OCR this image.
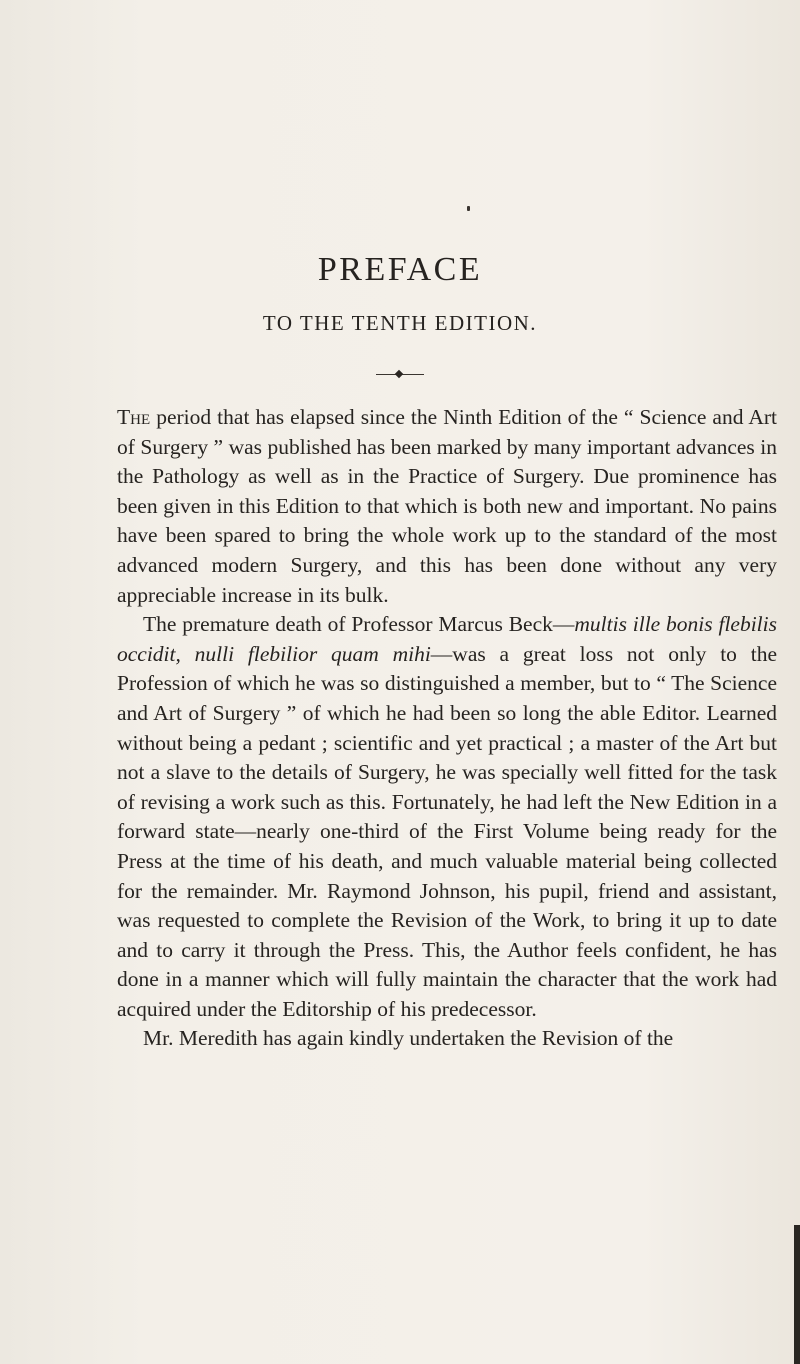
PREFACE
TO THE TENTH EDITION.

The period that has elapsed since the Ninth Edition of the “ Science and Art of Surgery ” was published has been marked by many important advances in the Pathology as well as in the Practice of Surgery. Due prominence has been given in this Edition to that which is both new and important. No pains have been spared to bring the whole work up to the standard of the most advanced modern Surgery, and this has been done without any very appreciable increase in its bulk.

The premature death of Professor Marcus Beck—multis ille bonis flebilis occidit, nulli flebilior quam mihi—was a great loss not only to the Profession of which he was so distinguished a member, but to “ The Science and Art of Surgery ” of which he had been so long the able Editor. Learned without being a pedant ; scientific and yet practical ; a master of the Art but not a slave to the details of Surgery, he was specially well fitted for the task of revising a work such as this. Fortunately, he had left the New Edition in a forward state—nearly one-third of the First Volume being ready for the Press at the time of his death, and much valuable material being collected for the remainder. Mr. Raymond Johnson, his pupil, friend and assistant, was requested to complete the Revision of the Work, to bring it up to date and to carry it through the Press. This, the Author feels confident, he has done in a manner which will fully maintain the character that the work had acquired under the Editorship of his predecessor.

Mr. Meredith has again kindly undertaken the Revision of the
